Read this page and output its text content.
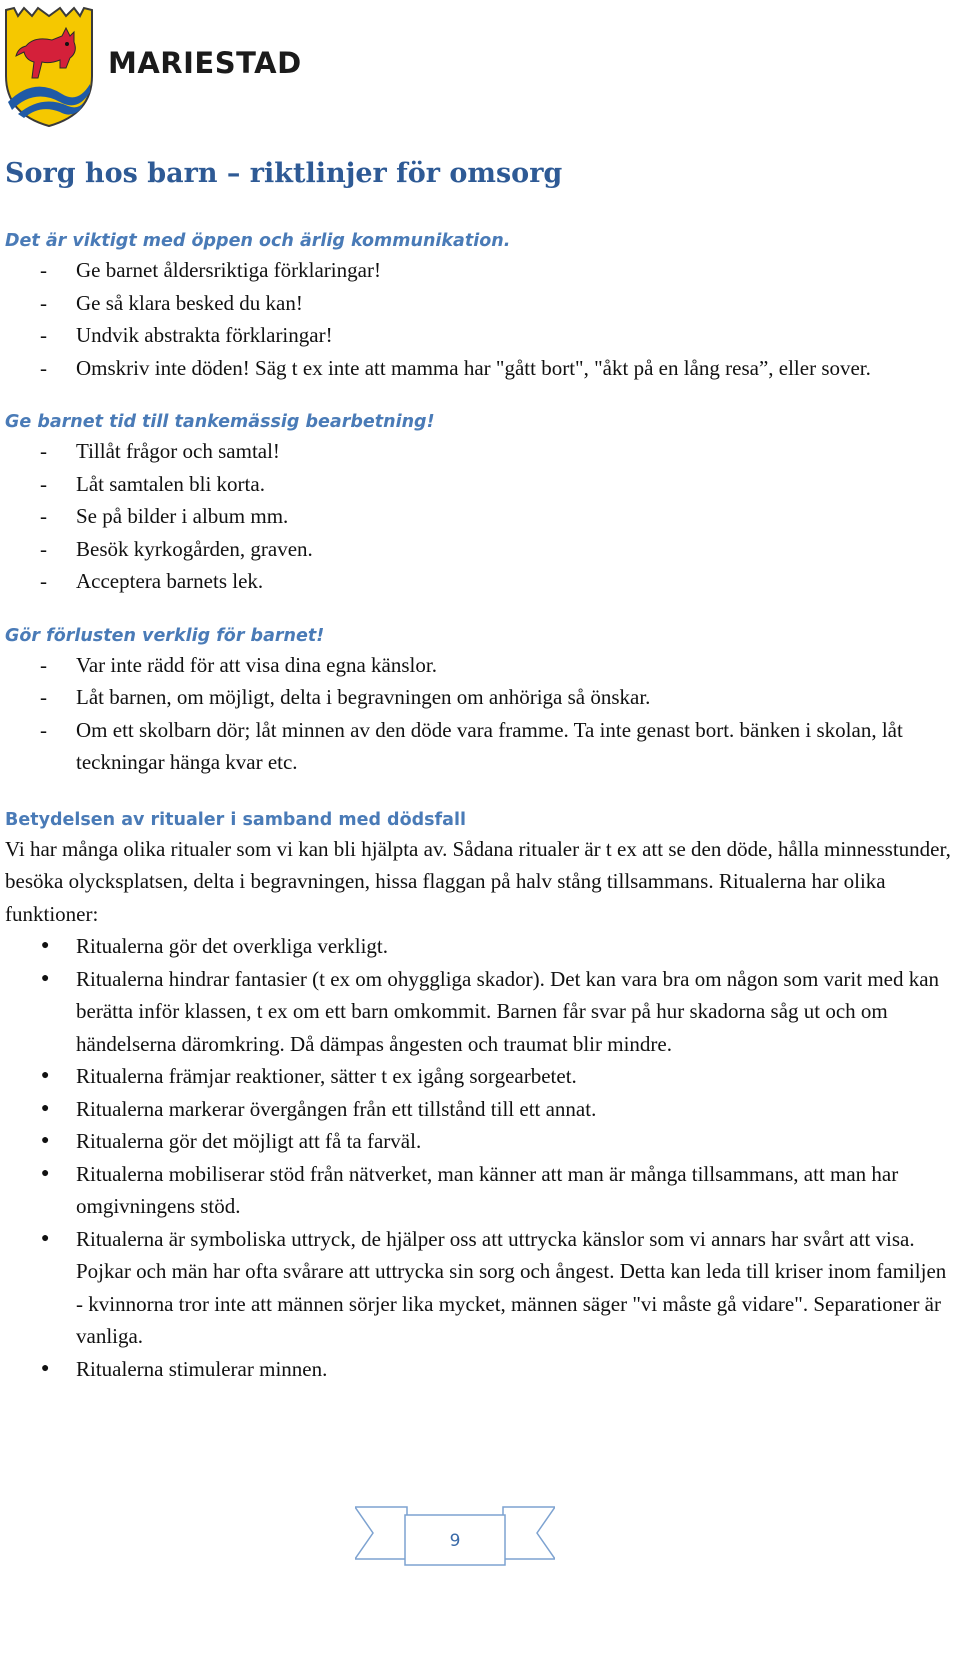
MARIESTAD
Sorg hos barn – riktlinjer för omsorg
Det är viktigt med öppen och ärlig kommunikation.
- Ge barnet åldersriktiga förklaringar!
- Ge så klara besked du kan!
- Undvik abstrakta förklaringar!
- Omskriv inte döden! Säg t ex inte att mamma har "gått bort", "åkt på en lång resa”, eller sover.
Ge barnet tid till tankemässig bearbetning!
- Tillåt frågor och samtal!
- Låt samtalen bli korta.
- Se på bilder i album mm.
- Besök kyrkogården, graven.
- Acceptera barnets lek.
Gör förlusten verklig för barnet!
- Var inte rädd för att visa dina egna känslor.
- Låt barnen, om möjligt, delta i begravningen om anhöriga så önskar.
- Om ett skolbarn dör; låt minnen av den döde vara framme. Ta inte genast bort. bänken i skolan, låt teckningar hänga kvar etc.
Betydelsen av ritualer i samband med dödsfall

Vi har många olika ritualer som vi kan bli hjälpta av. Sådana ritualer är t ex att se den döde, hålla minnesstunder, besöka olycksplatsen, delta i begravningen, hissa flaggan på halv stång tillsammans. Ritualerna har olika funktioner:

● Ritualerna gör det overkliga verkligt.
● Ritualerna hindrar fantasier (t ex om ohyggliga skador). Det kan vara bra om någon som varit med kan berätta inför klassen, t ex om ett barn omkommit. Barnen får svar på hur skadorna såg ut och om händelserna däromkring. Då dämpas ångesten och traumat blir mindre.
● Ritualerna främjar reaktioner, sätter t ex igång sorgearbetet.
● Ritualerna markerar övergången från ett tillstånd till ett annat.
● Ritualerna gör det möjligt att få ta farväl.
● Ritualerna mobiliserar stöd från nätverket, man känner att man är många tillsammans, att man har omgivningens stöd.
● Ritualerna är symboliska uttryck, de hjälper oss att uttrycka känslor som vi annars har svårt att visa. Pojkar och män har ofta svårare att uttrycka sin sorg och ångest. Detta kan leda till kriser inom familjen - kvinnorna tror inte att männen sörjer lika mycket, männen säger "vi måste gå vidare". Separationer är vanliga.
● Ritualerna stimulerar minnen.
9
